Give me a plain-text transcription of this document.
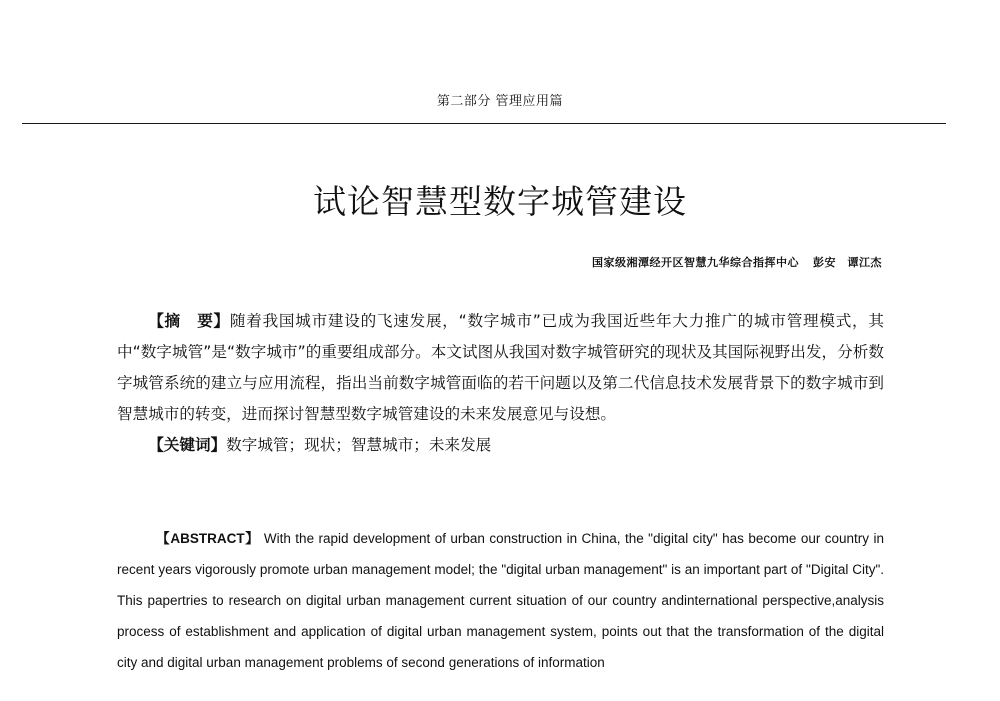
第二部分 管理应用篇
试论智慧型数字城管建设
国家级湘潭经开区智慧九华综合指挥中心 彭安　谭江杰

【摘　要】随着我国城市建设的飞速发展，“数字城市”已成为我国近些年大力推广的城市管理模式，其中“数字城管”是“数字城市”的重要组成部分。本文试图从我国对数字城管研究的现状及其国际视野出发，分析数字城管系统的建立与应用流程，指出当前数字城管面临的若干问题以及第二代信息技术发展背景下的数字城市到智慧城市的转变，进而探讨智慧型数字城管建设的未来发展意见与设想。

【关键词】数字城管；现状；智慧城市；未来发展

【ABSTRACT】 With the rapid development of urban construction in China, the "digital city" has become our country in recent years vigorously promote urban management model; the "digital urban management" is an important part of "Digital City". This papertries to research on digital urban management current situation of our country andinternational perspective,analysis process of establishment and application of digital urban management system, points out that the transformation of the digital city and digital urban management problems of second generations of information
